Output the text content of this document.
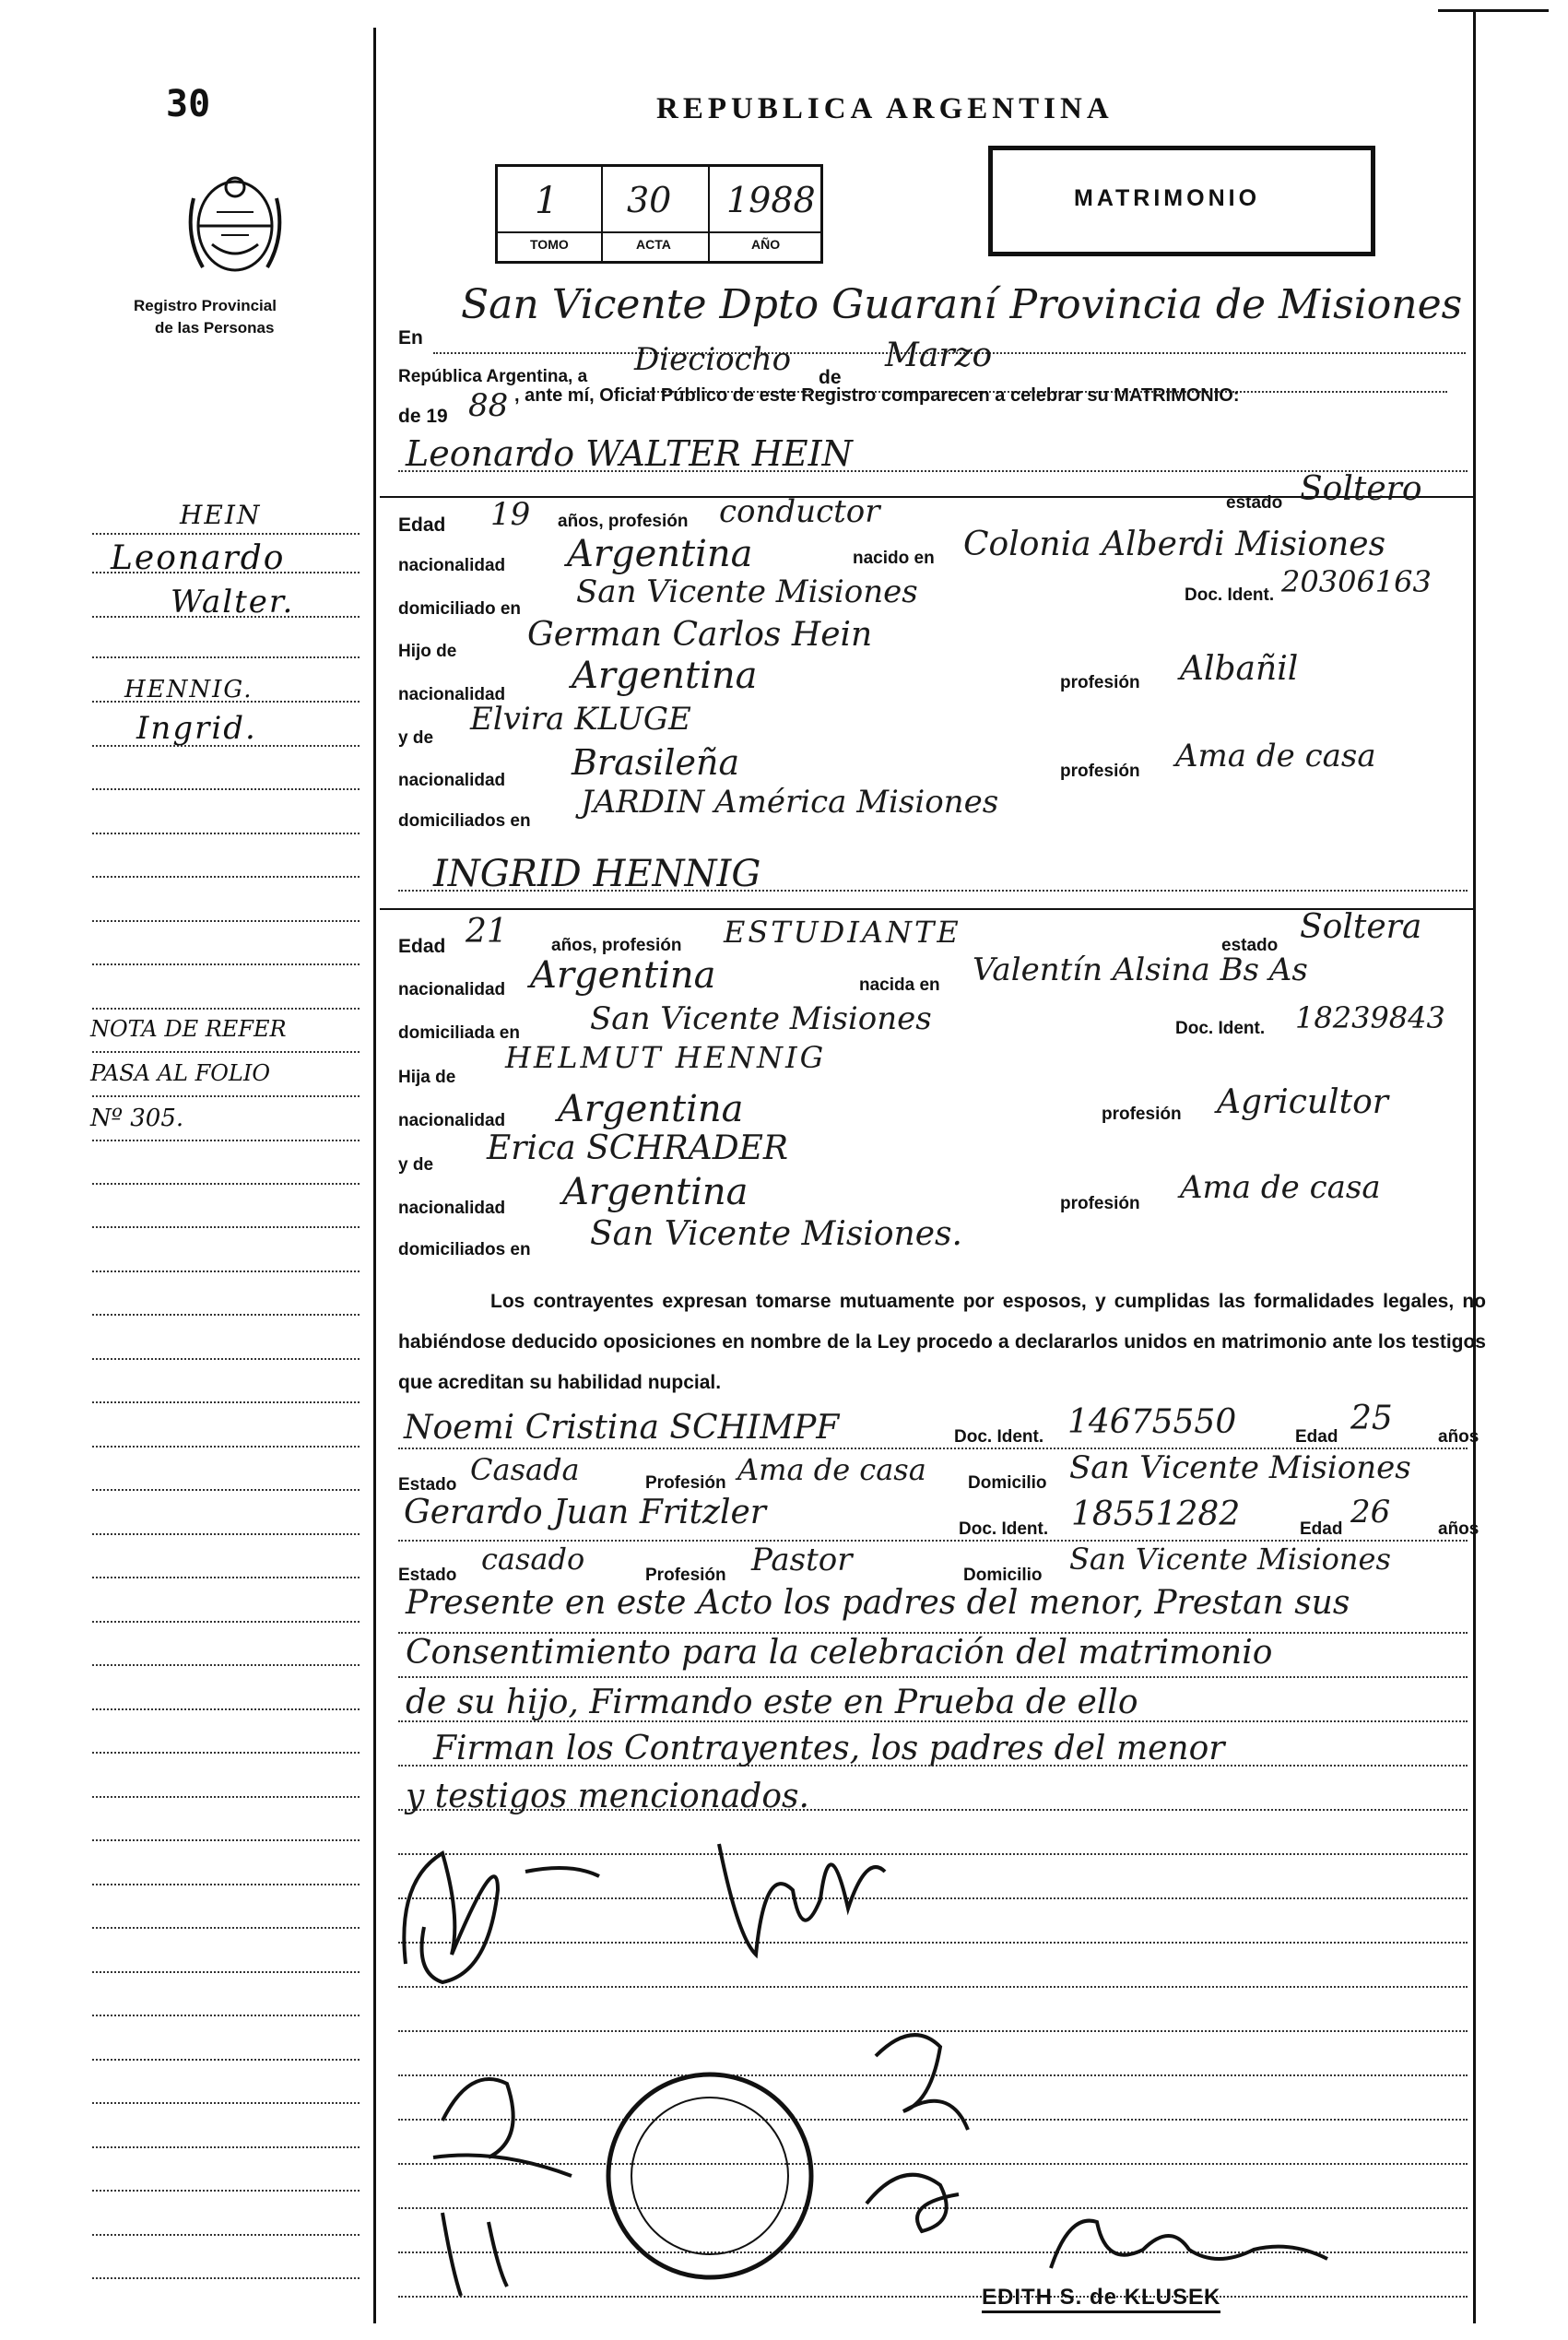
30
Registro Provincial
de las Personas
HEIN
Leonardo
Walter.
HENNIG.
Ingrid.
NOTA DE REFER
PASA AL FOLIO
Nº 305.
REPUBLICA ARGENTINA
1 30 1988
TOMO	ACTA	AÑO
MATRIMONIO
En
San Vicente Dpto Guaraní Provincia de Misiones
República Argentina, a Dieciocho de
Marzo
de 19 88 , ante mí, Oficial Público de este Registro comparecen a celebrar su MATRIMONIO:
Leonardo WALTER HEIN
Edad 19 años, profesión conductor	estado Soltero
nacionalidad Argentina	nacido en Colonia Alberdi Misiones
domiciliado en San Vicente Misiones	Doc. Ident. 20306163
Hijo de German Carlos Hein
nacionalidad Argentina	profesión Albañil
y de
Elvira KLUGE
nacionalidad Brasileña	profesión Ama de casa
domiciliados en
JARDIN América Misiones
INGRID HENNIG
Edad 21 años, profesión ESTUDIANTE	estado Soltera
nacionalidad Argentina	nacida en Valentín Alsina Bs As
domiciliada en San Vicente Misiones	Doc. Ident. 18239843
Hija de
HELMUT HENNIG
nacionalidad Argentina	profesión Agricultor
y de Erica SCHRADER
nacionalidad Argentina	profesión Ama de casa
domiciliados en San Vicente Misiones.
Los contrayentes expresan tomarse mutuamente por esposos, y cumplidas las formalidades legales, no habiéndose deducido oposiciones en nombre de la Ley procedo a declararlos unidos en matrimonio ante los testigos que acreditan su habilidad nupcial.
Noemi Cristina SCHIMPF	Doc. Ident. 14675550	Edad 25	años
Estado Casada	Profesión Ama de casa Domicilio San Vicente Misiones
Gerardo Juan Fritzler	Doc. Ident. 18551282	Edad 26	años
Estado casado	Profesión Pastor	Domicilio San Vicente Misiones
Presente en este Acto los padres del menor, Prestan sus
Consentimiento para la celebración del matrimonio
de su hijo, Firmando este en Prueba de ello
Firman los Contrayentes, los padres del menor
y testigos mencionados.
EDITH S. de KLUSEK
